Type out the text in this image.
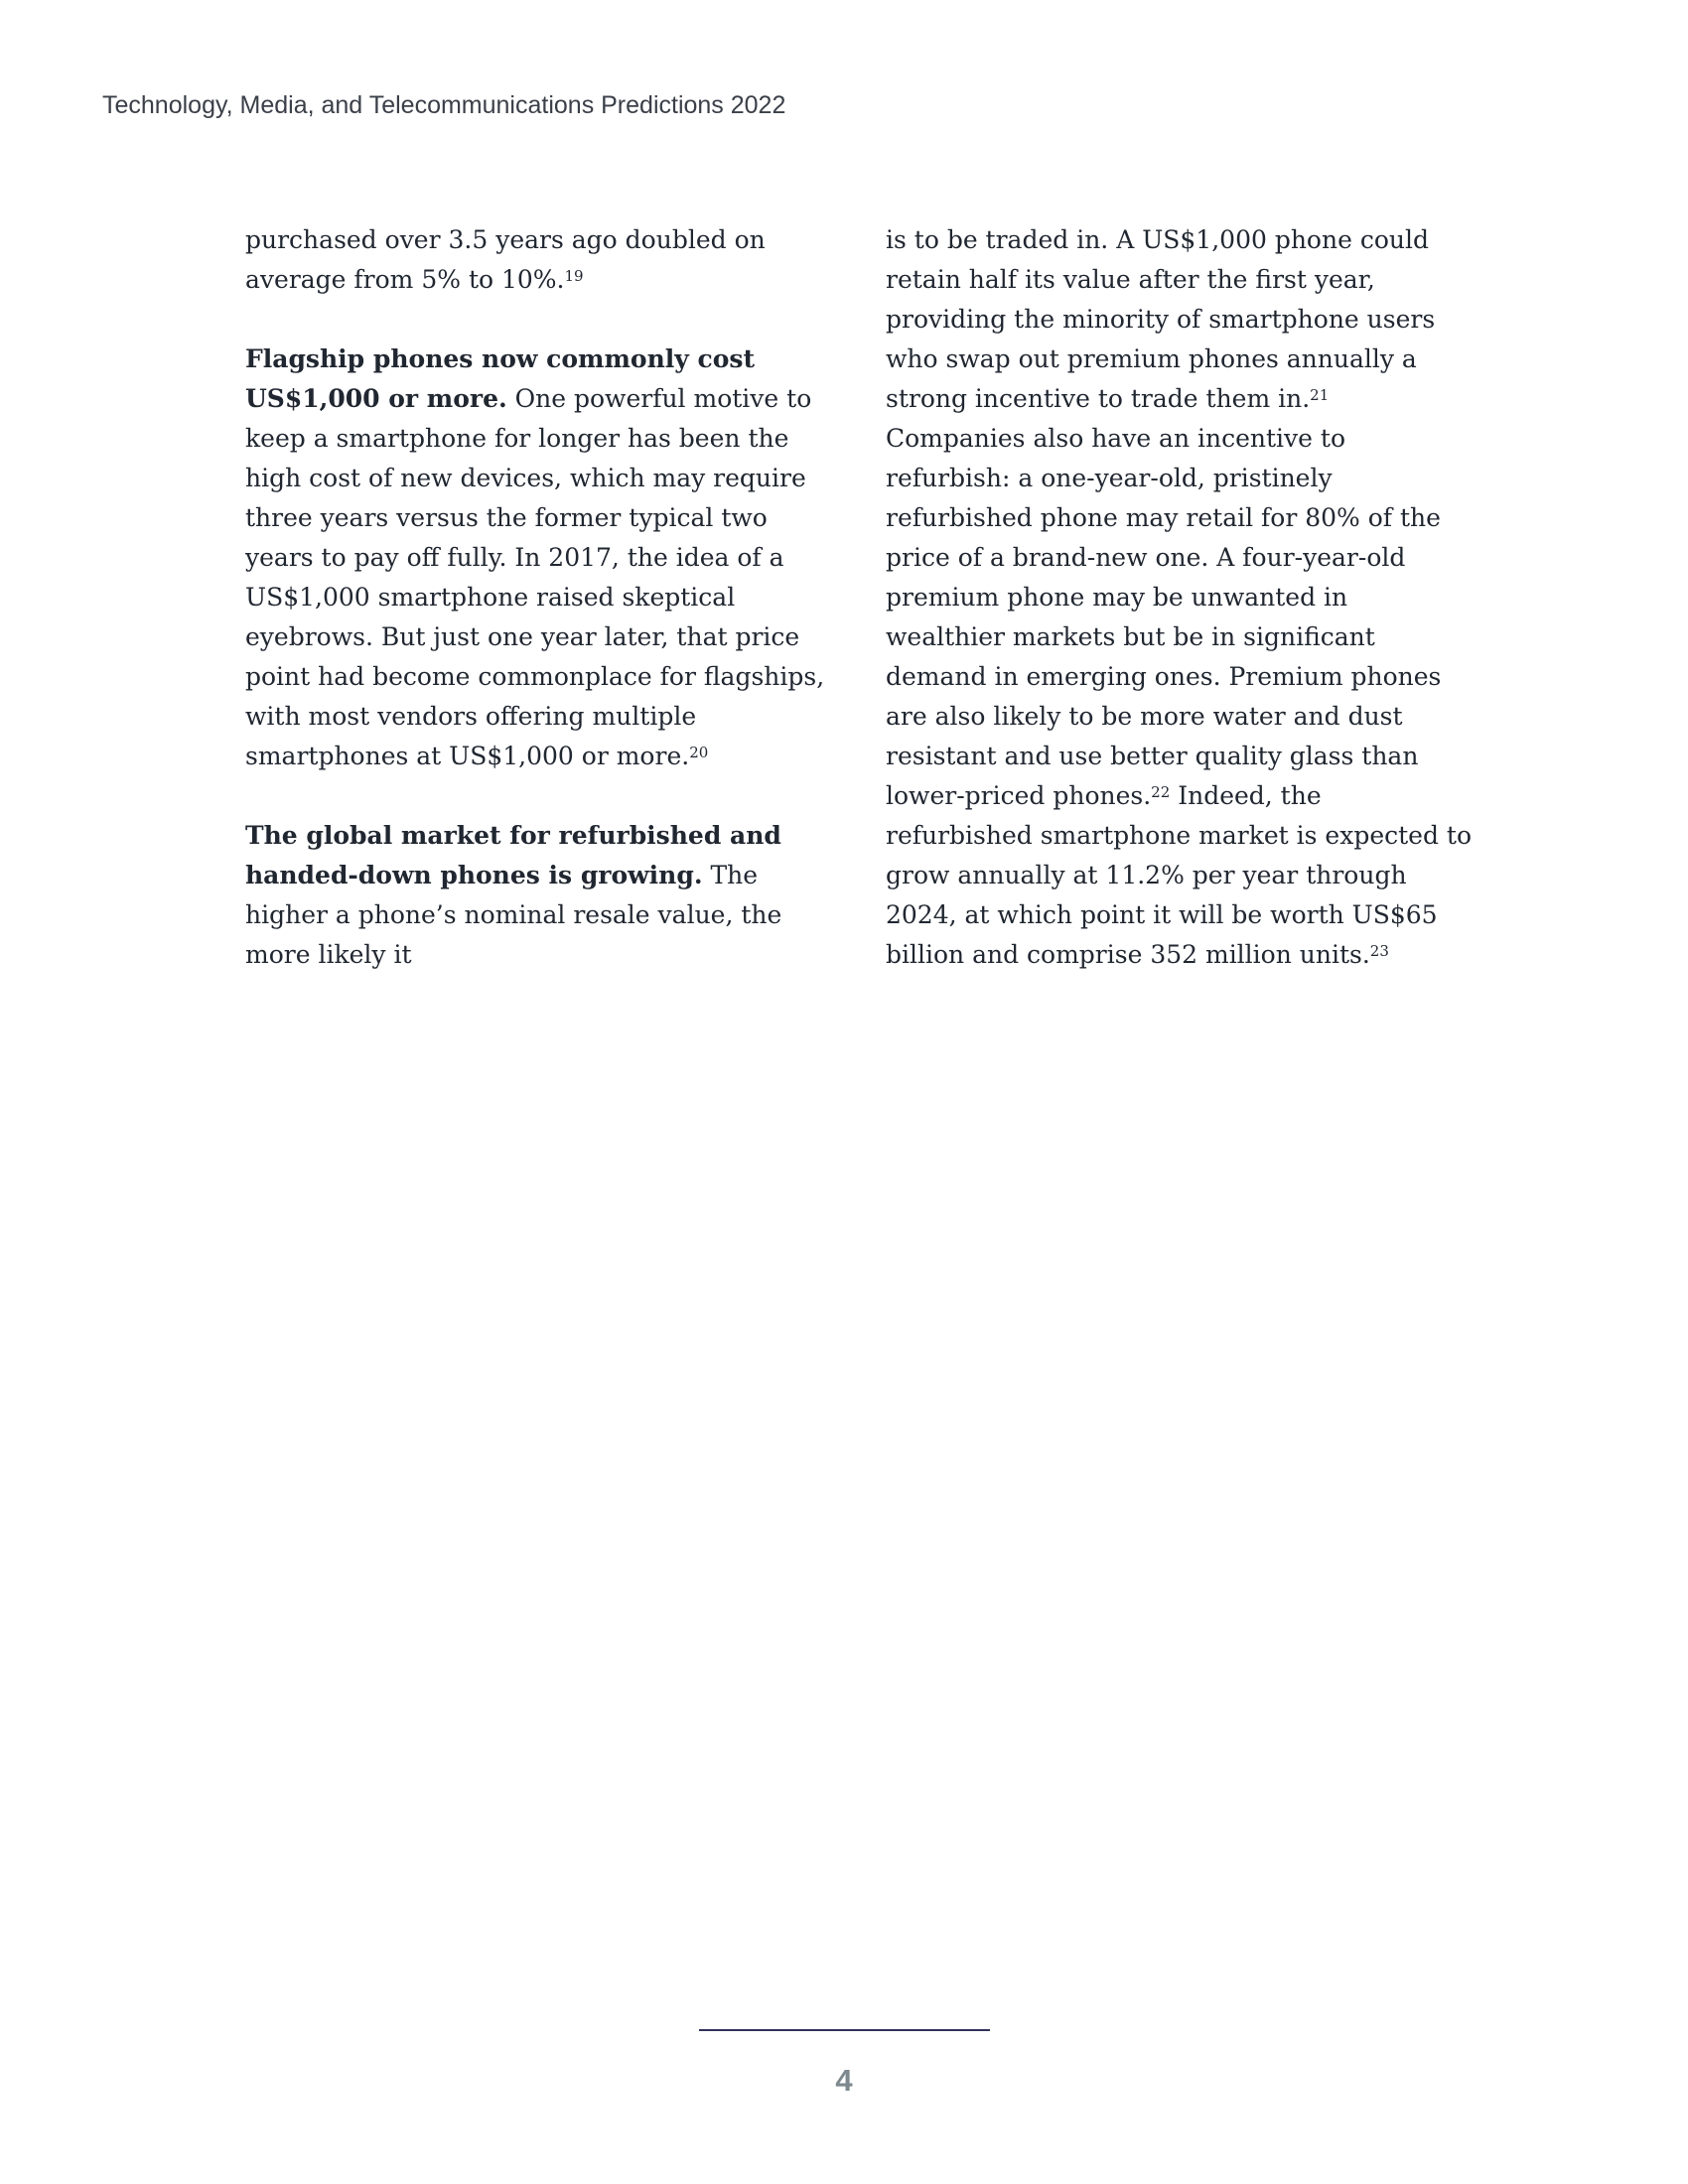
Technology, Media, and Telecommunications Predictions 2022

purchased over 3.5 years ago doubled on average from 5% to 10%.$^{19}$

Flagship phones now commonly cost US$1,000 or more. One powerful motive to keep a smartphone for longer has been the high cost of new devices, which may require three years versus the former typical two years to pay off fully. In 2017, the idea of a US$1,000 smartphone raised skeptical eyebrows. But just one year later, that price point had become commonplace for flagships, with most vendors offering multiple smartphones at US$1,000 or more.$^{20}$

The global market for refurbished and handed-down phones is growing. The higher a phone’s nominal resale value, the more likely it

is to be traded in. A US$1,000 phone could retain half its value after the first year, providing the minority of smartphone users who swap out premium phones annually a strong incentive to trade them in.$^{21}$ Companies also have an incentive to refurbish: a one-year-old, pristinely refurbished phone may retail for 80% of the price of a brand-new one. A four-year-old premium phone may be unwanted in wealthier markets but be in significant demand in emerging ones. Premium phones are also likely to be more water and dust resistant and use better quality glass than lower-priced phones.$^{22}$ Indeed, the refurbished smartphone market is expected to grow annually at 11.2% per year through 2024, at which point it will be worth US$65 billion and comprise 352 million units.$^{23}$

4
